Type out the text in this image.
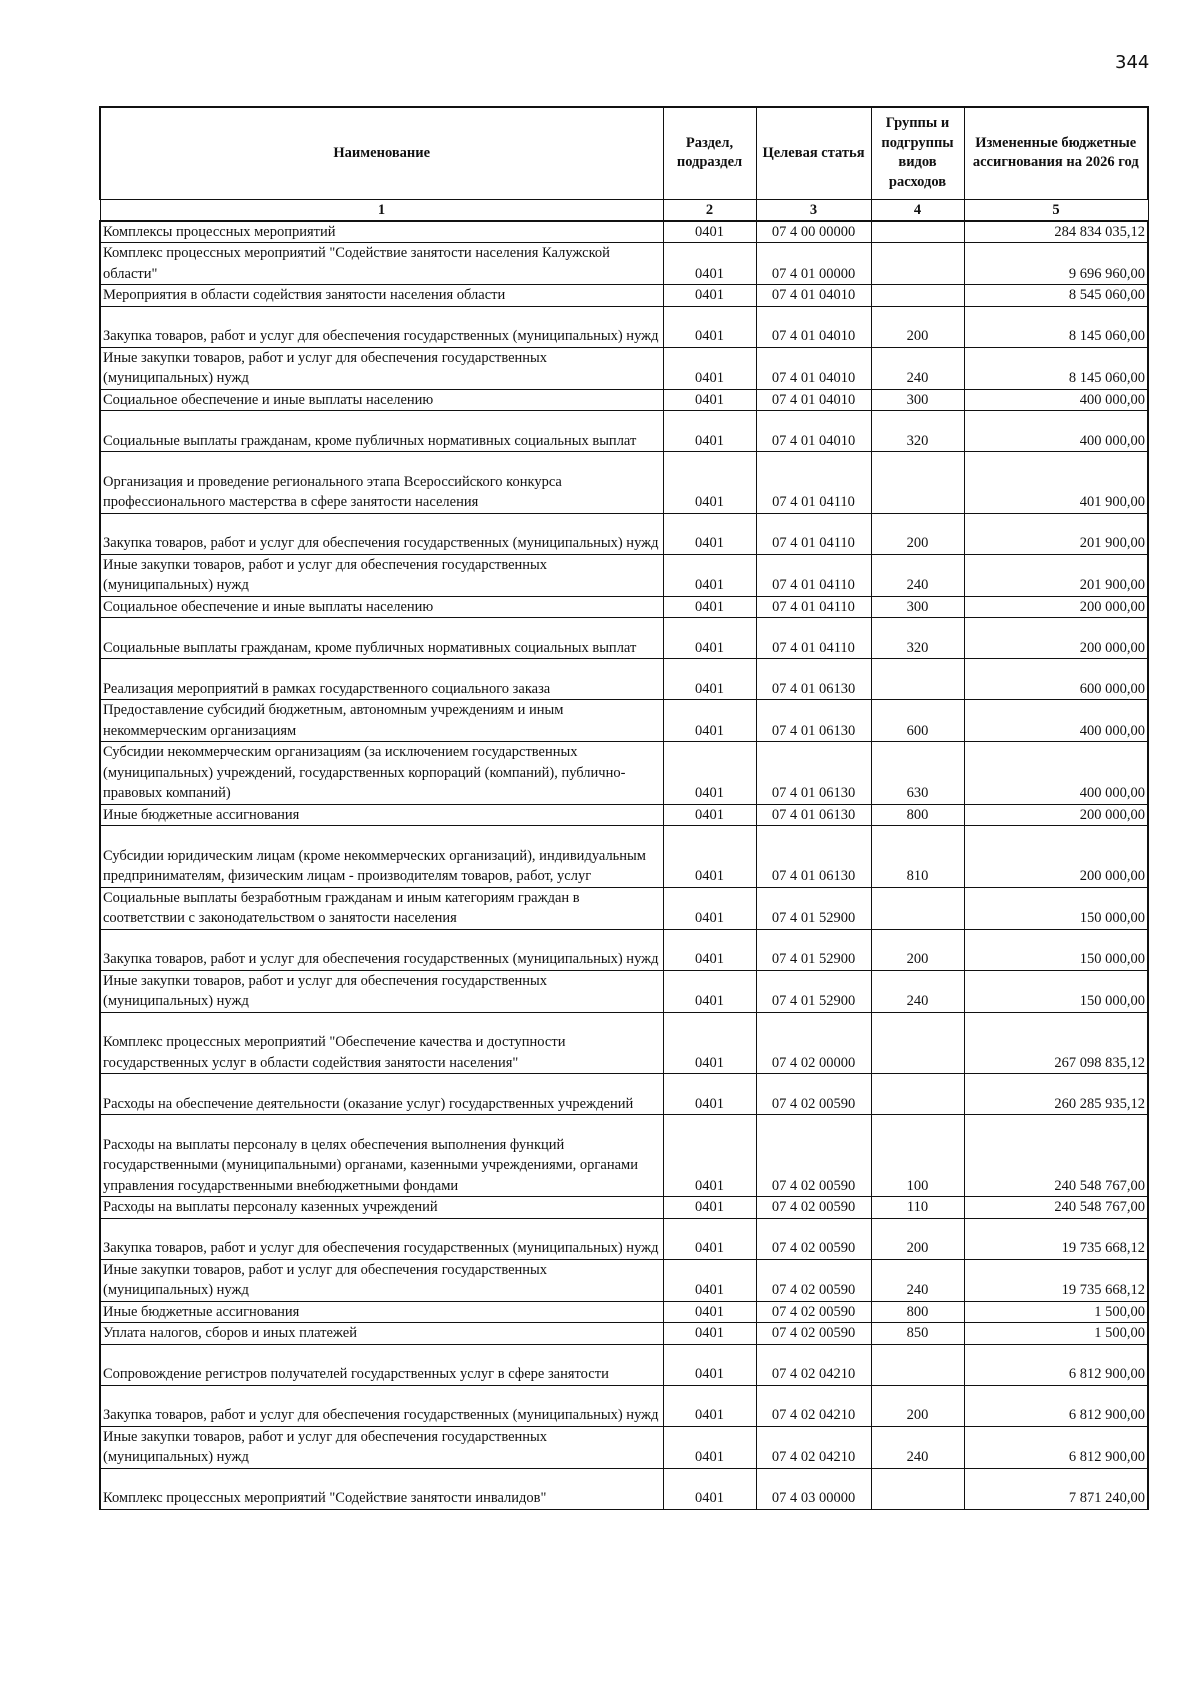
344
Наименование	Раздел, подраздел	Целевая статья	Группы и подгруппы видов расходов	Измененные бюджетные ассигнования на 2026 год
1	2	3	4	5
Комплексы процессных мероприятий	0401	07 4 00 00000		284 834 035,12
Комплекс процессных мероприятий "Содействие занятости населения Калужской области"	0401	07 4 01 00000		9 696 960,00
Мероприятия в области содействия занятости населения области	0401	07 4 01 04010		8 545 060,00
Закупка товаров, работ и услуг для обеспечения государственных (муниципальных) нужд	0401	07 4 01 04010	200	8 145 060,00
Иные закупки товаров, работ и услуг для обеспечения государственных (муниципальных) нужд	0401	07 4 01 04010	240	8 145 060,00
Социальное обеспечение и иные выплаты населению	0401	07 4 01 04010	300	400 000,00
Социальные выплаты гражданам, кроме публичных нормативных социальных выплат	0401	07 4 01 04010	320	400 000,00
Организация и проведение регионального этапа Всероссийского конкурса профессионального мастерства в сфере занятости населения	0401	07 4 01 04110		401 900,00
Закупка товаров, работ и услуг для обеспечения государственных (муниципальных) нужд	0401	07 4 01 04110	200	201 900,00
Иные закупки товаров, работ и услуг для обеспечения государственных (муниципальных) нужд	0401	07 4 01 04110	240	201 900,00
Социальное обеспечение и иные выплаты населению	0401	07 4 01 04110	300	200 000,00
Социальные выплаты гражданам, кроме публичных нормативных социальных выплат	0401	07 4 01 04110	320	200 000,00
Реализация мероприятий в рамках государственного социального заказа	0401	07 4 01 06130		600 000,00
Предоставление субсидий бюджетным, автономным учреждениям и иным некоммерческим организациям	0401	07 4 01 06130	600	400 000,00
Субсидии некоммерческим организациям (за исключением государственных (муниципальных) учреждений, государственных корпораций (компаний), публично-правовых компаний)	0401	07 4 01 06130	630	400 000,00
Иные бюджетные ассигнования	0401	07 4 01 06130	800	200 000,00
Субсидии юридическим лицам (кроме некоммерческих организаций), индивидуальным предпринимателям, физическим лицам - производителям товаров, работ, услуг	0401	07 4 01 06130	810	200 000,00
Социальные выплаты безработным гражданам и иным категориям граждан в соответствии с законодательством о занятости населения	0401	07 4 01 52900		150 000,00
Закупка товаров, работ и услуг для обеспечения государственных (муниципальных) нужд	0401	07 4 01 52900	200	150 000,00
Иные закупки товаров, работ и услуг для обеспечения государственных (муниципальных) нужд	0401	07 4 01 52900	240	150 000,00
Комплекс процессных мероприятий "Обеспечение качества и доступности государственных услуг в области содействия занятости населения"	0401	07 4 02 00000		267 098 835,12
Расходы на обеспечение деятельности (оказание услуг) государственных учреждений	0401	07 4 02 00590		260 285 935,12
Расходы на выплаты персоналу в целях обеспечения выполнения функций государственными (муниципальными) органами, казенными учреждениями, органами управления государственными внебюджетными фондами	0401	07 4 02 00590	100	240 548 767,00
Расходы на выплаты персоналу казенных учреждений	0401	07 4 02 00590	110	240 548 767,00
Закупка товаров, работ и услуг для обеспечения государственных (муниципальных) нужд	0401	07 4 02 00590	200	19 735 668,12
Иные закупки товаров, работ и услуг для обеспечения государственных (муниципальных) нужд	0401	07 4 02 00590	240	19 735 668,12
Иные бюджетные ассигнования	0401	07 4 02 00590	800	1 500,00
Уплата налогов, сборов и иных платежей	0401	07 4 02 00590	850	1 500,00
Сопровождение регистров получателей государственных услуг в сфере занятости	0401	07 4 02 04210		6 812 900,00
Закупка товаров, работ и услуг для обеспечения государственных (муниципальных) нужд	0401	07 4 02 04210	200	6 812 900,00
Иные закупки товаров, работ и услуг для обеспечения государственных (муниципальных) нужд	0401	07 4 02 04210	240	6 812 900,00
Комплекс процессных мероприятий "Содействие занятости инвалидов"	0401	07 4 03 00000		7 871 240,00
